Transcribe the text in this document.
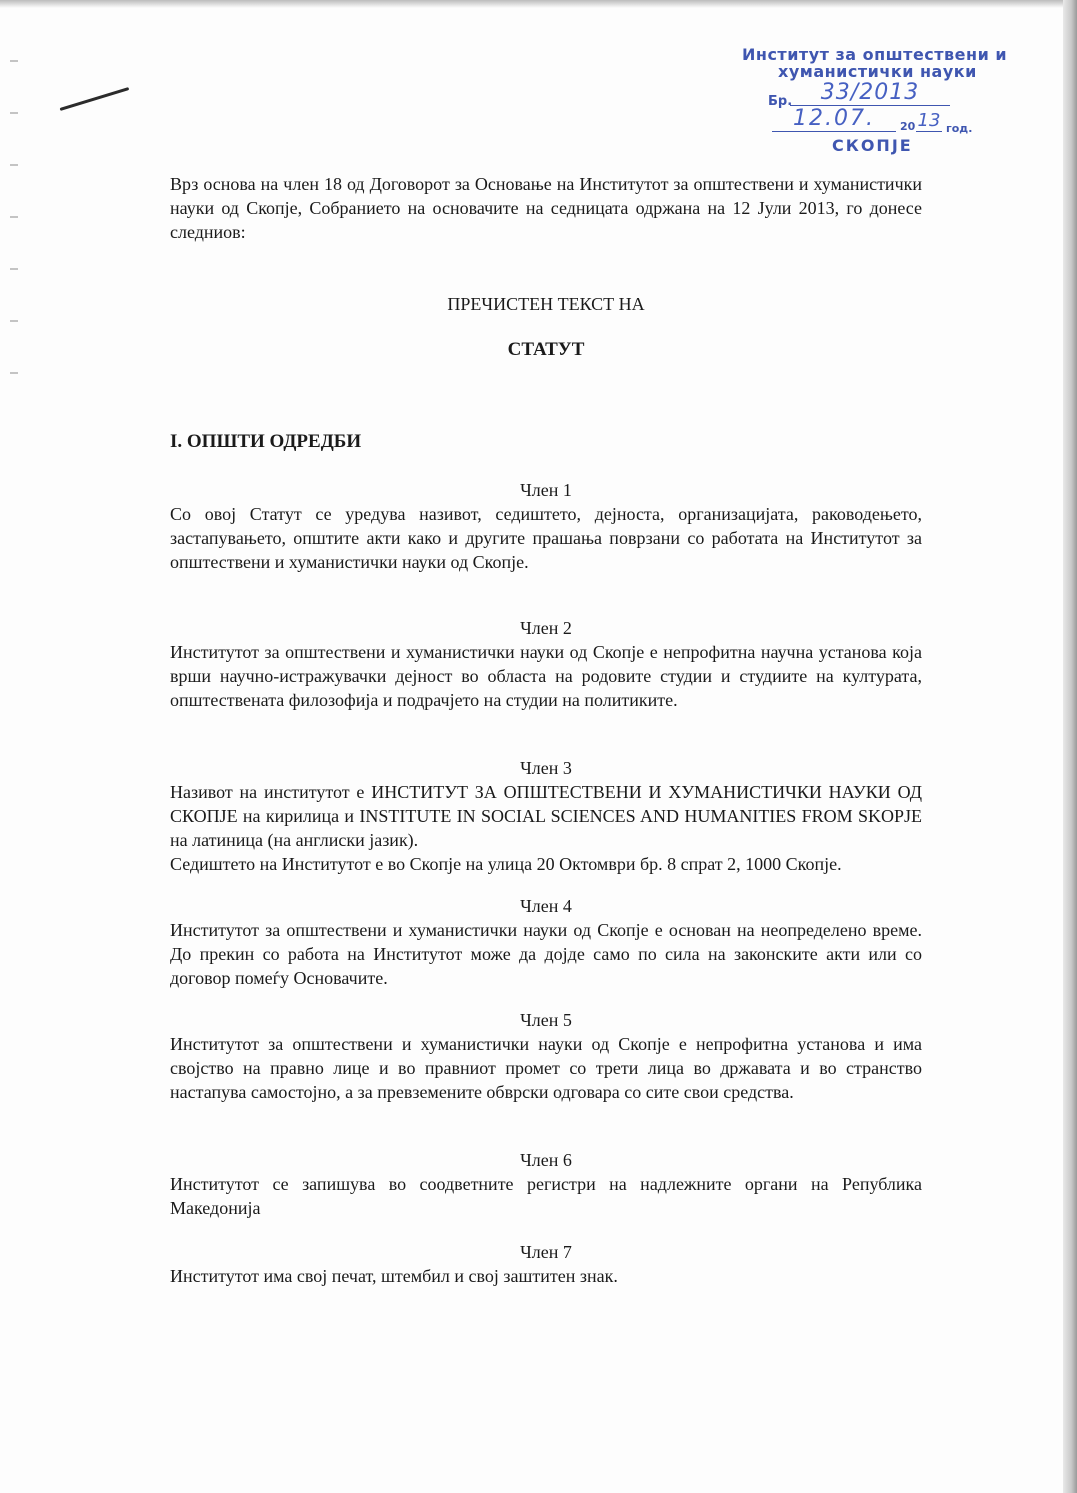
Институт за општествени и
хуманистички науки
Бр.	33/2013
12.07.	20 13 год.
СКОПЈЕ

Врз основа на член 18 од Договорот за Основање на Институтот за општествени и хуманистички науки од Скопје, Собранието на основачите на седницата одржана на 12 Јули 2013, го донесе следниов:

ПРЕЧИСТЕН ТЕКСТ НА

СТАТУТ

I. ОПШТИ ОДРЕДБИ

Член 1

Со овој Статут се уредува називот, седиштето, дејноста, организацијата, раководењето, застапувањето, општите акти како и другите прашања поврзани со работата на Институтот за општествени и хуманистички науки од Скопје.

Член 2

Институтот за општествени и хуманистички науки од Скопје е непрофитна научна установа која врши научно-истражувачки дејност во областа на родовите студии и студиите на културата, општествената филозофија и подрачјето на студии на политиките.

Член 3

Називот на институтот е ИНСТИТУТ ЗА ОПШТЕСТВЕНИ И ХУМАНИСТИЧКИ НАУКИ ОД СКОПЈЕ на кирилица и INSTITUTE IN SOCIAL SCIENCES AND HUMANITIES FROM SKOPJE на латиница (на англиски јазик).

Седиштето на Институтот е во Скопје на улица 20 Октомври бр. 8 спрат 2, 1000 Скопје.

Член 4

Институтот за општествени и хуманистички науки од Скопје е основан на неопределено време. До прекин со работа на Институтот може да дојде само по сила на законските акти или со договор помеѓу Основачите.

Член 5

Институтот за општествени и хуманистички науки од Скопје е непрофитна установа и има својство на правно лице и во правниот промет со трети лица во државата и во странство настапува самостојно, а за превземените обврски одговара со сите свои средства.

Член 6

Институтот се запишува во соодветните регистри на надлежните органи на Република Македонија

Член 7

Институтот има свој печат, штембил и свој заштитен знак.
